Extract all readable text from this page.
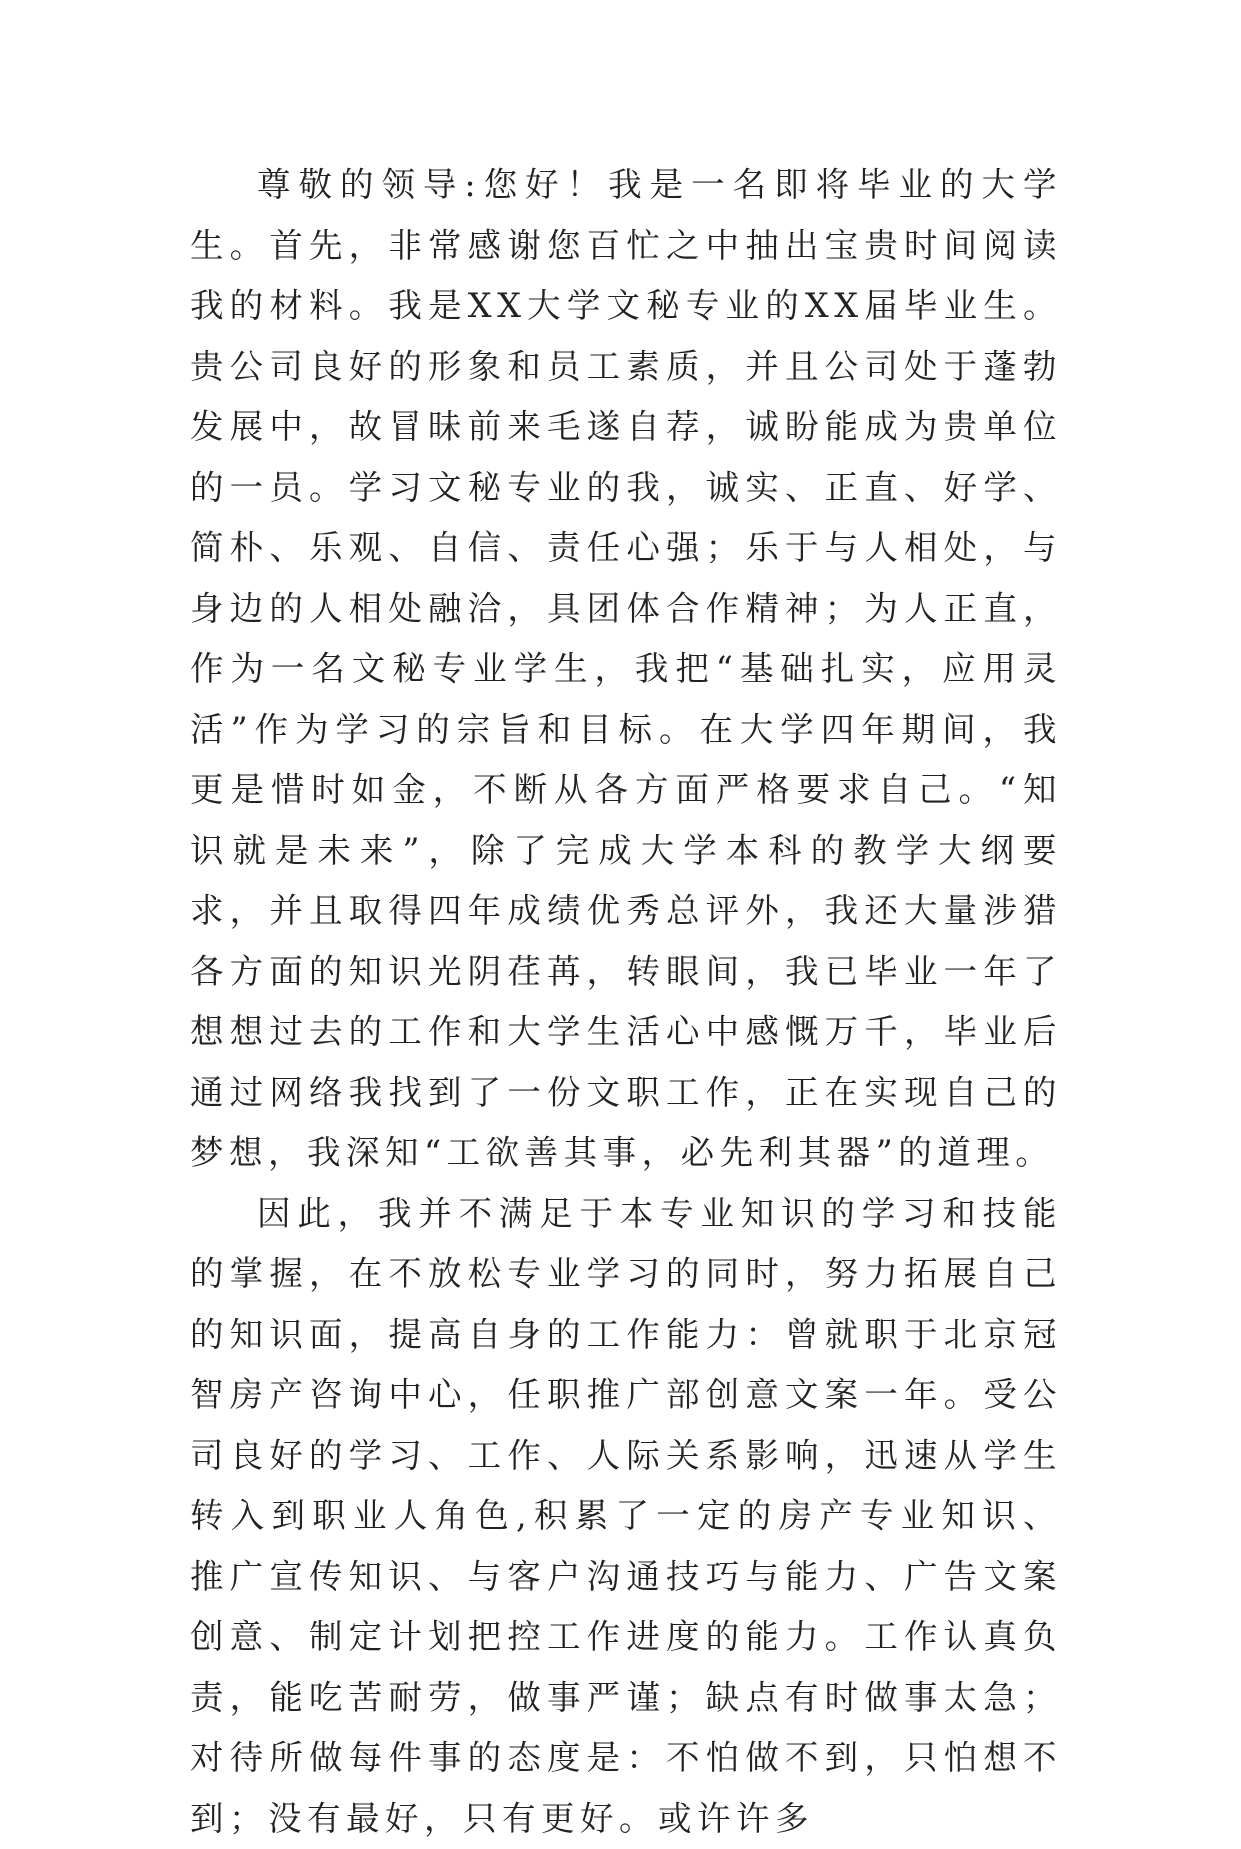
尊敬的领导:您好！我是一名即将毕业的大学生。首先，非常感谢您百忙之中抽出宝贵时间阅读我的材料。我是XX大学文秘专业的XX届毕业生。贵公司良好的形象和员工素质，并且公司处于蓬勃发展中，故冒昧前来毛遂自荐，诚盼能成为贵单位的一员。学习文秘专业的我，诚实、正直、好学、简朴、乐观、自信、责任心强；乐于与人相处，与身边的人相处融洽，具团体合作精神；为人正直，作为一名文秘专业学生，我把“基础扎实，应用灵活”作为学习的宗旨和目标。在大学四年期间，我更是惜时如金，不断从各方面严格要求自己。“知识就是未来”，除了完成大学本科的教学大纲要求，并且取得四年成绩优秀总评外，我还大量涉猎各方面的知识光阴荏苒，转眼间，我已毕业一年了想想过去的工作和大学生活心中感慨万千，毕业后通过网络我找到了一份文职工作，正在实现自己的梦想，我深知“工欲善其事，必先利其器”的道理。

因此，我并不满足于本专业知识的学习和技能的掌握，在不放松专业学习的同时，努力拓展自己的知识面，提高自身的工作能力：曾就职于北京冠智房产咨询中心，任职推广部创意文案一年。受公司良好的学习、工作、人际关系影响，迅速从学生转入到职业人角色,积累了一定的房产专业知识、推广宣传知识、与客户沟通技巧与能力、广告文案创意、制定计划把控工作进度的能力。工作认真负责，能吃苦耐劳，做事严谨；缺点有时做事太急；对待所做每件事的态度是：不怕做不到，只怕想不到；没有最好，只有更好。或许许多
